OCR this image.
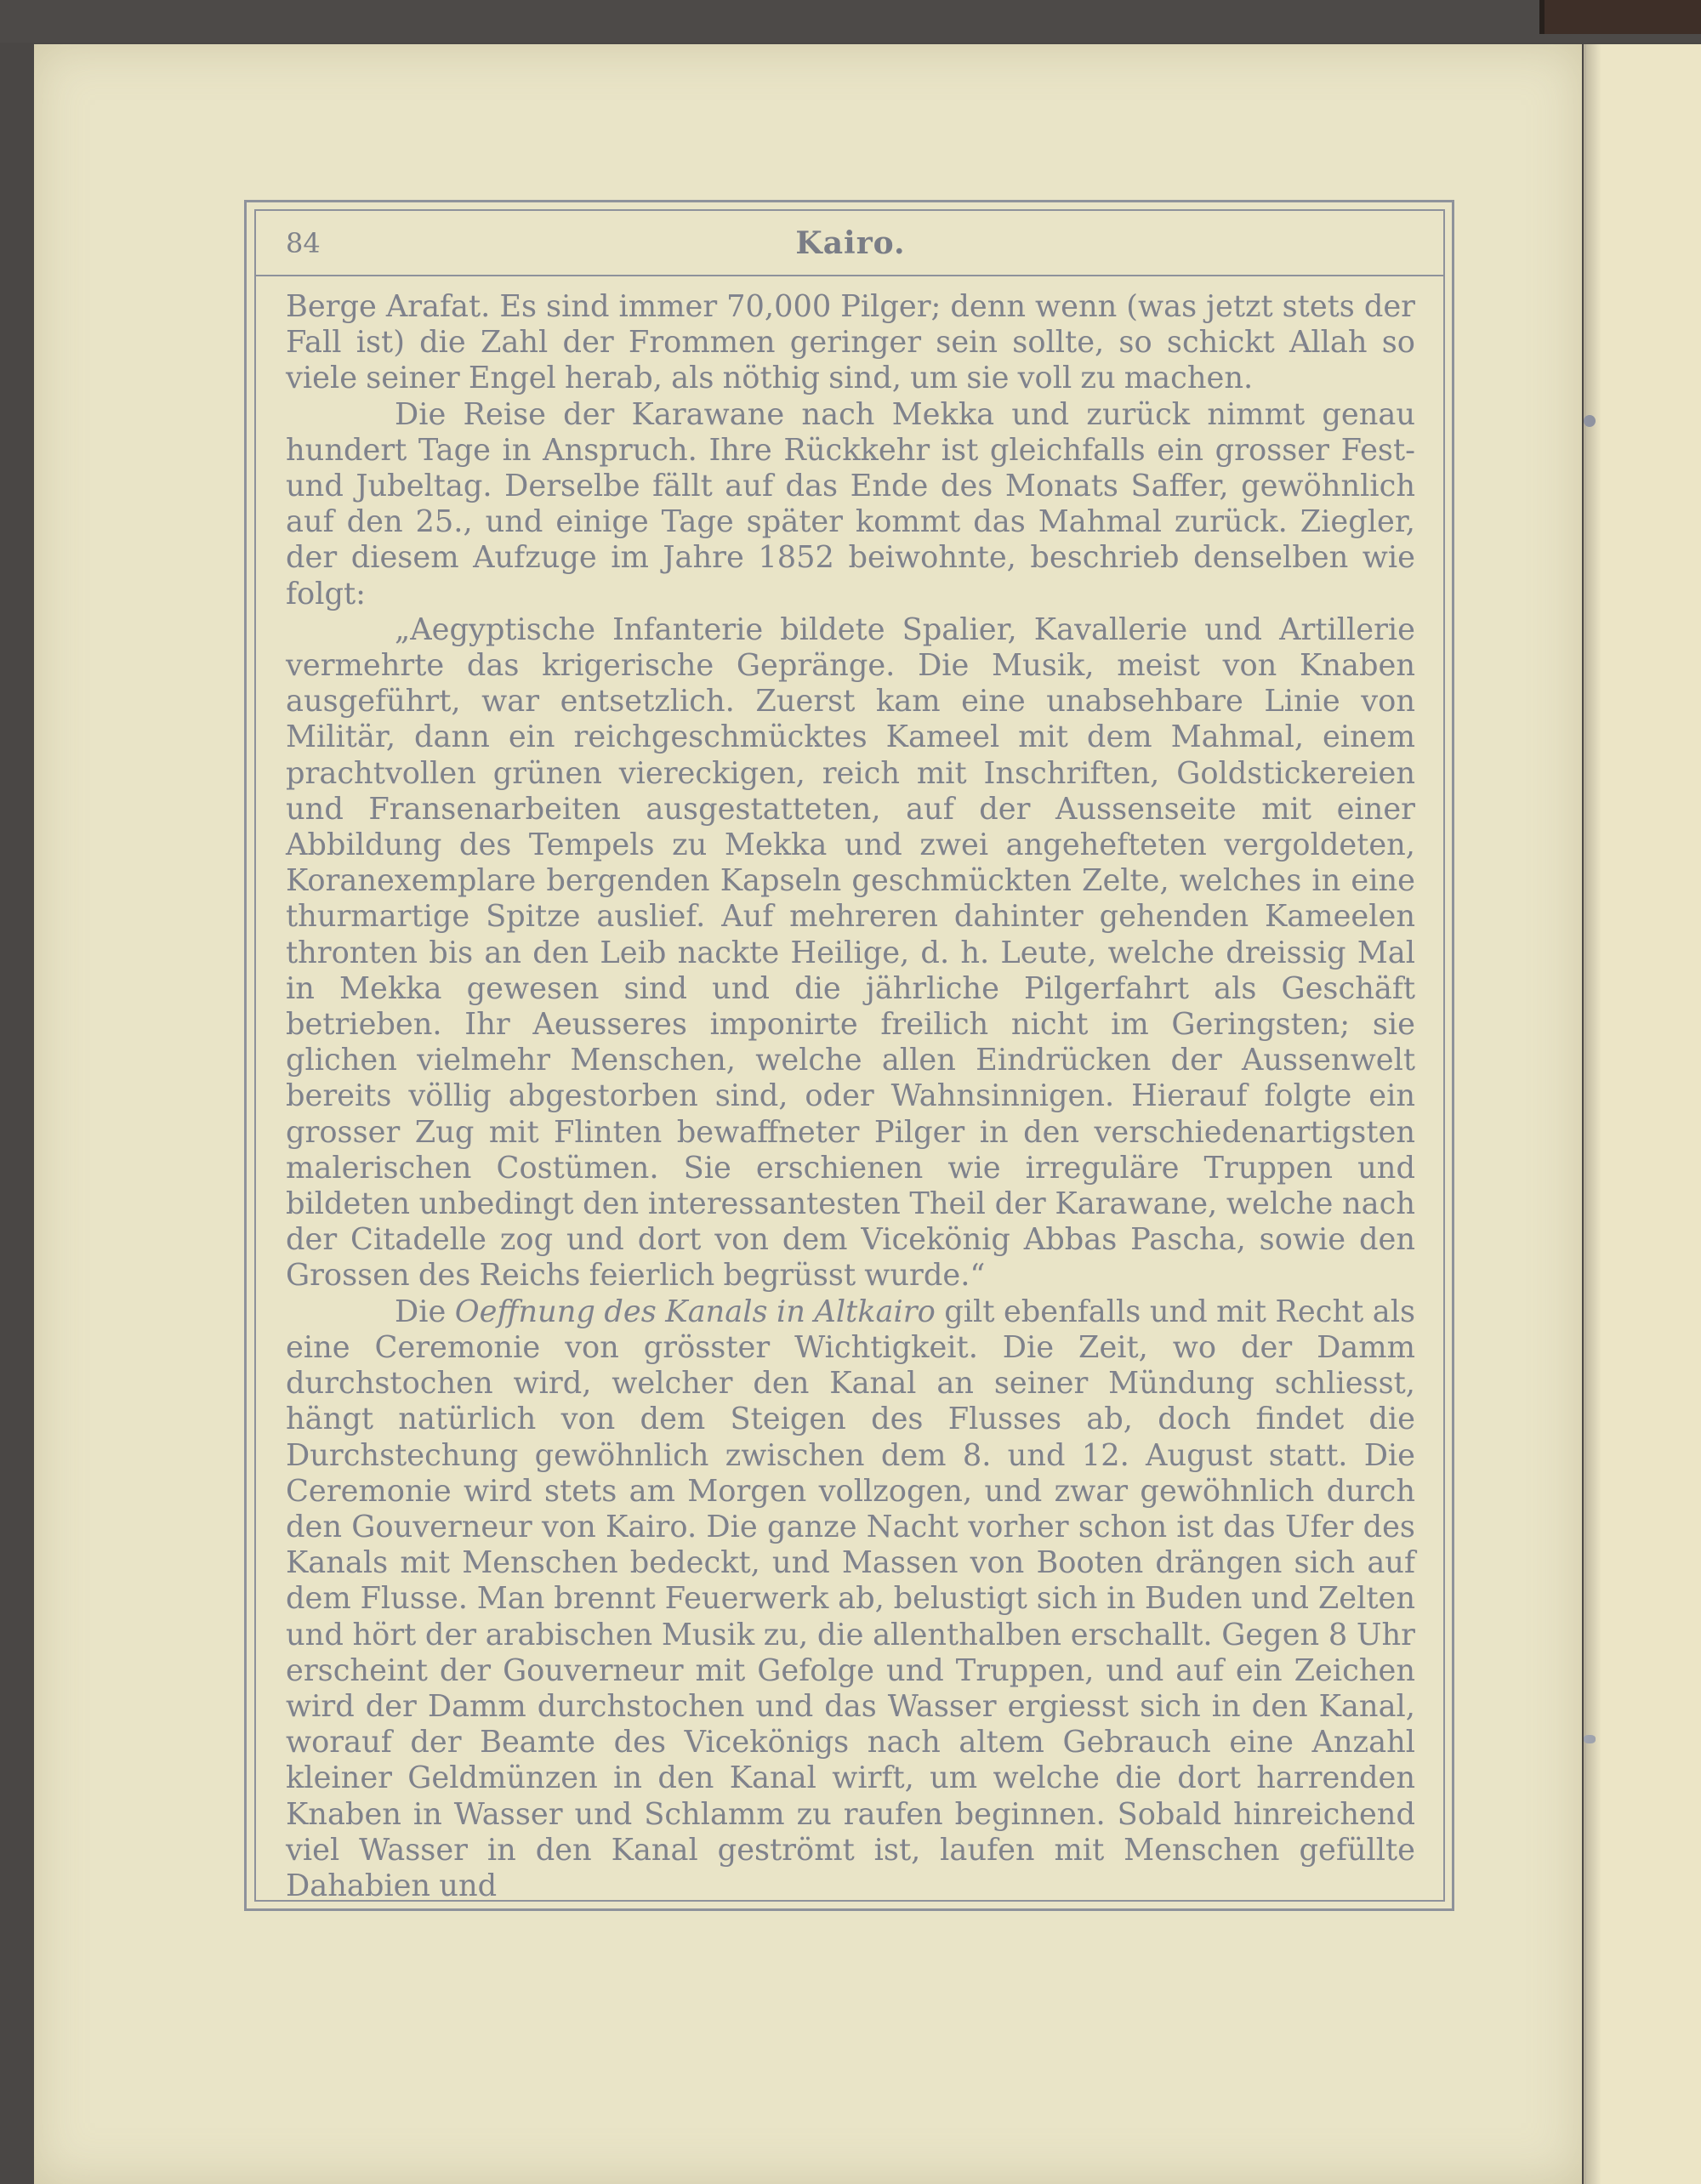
84	Kairo.

Berge Arafat. Es sind immer 70,000 Pilger; denn wenn (was jetzt stets der Fall ist) die Zahl der Frommen geringer sein sollte, so schickt Allah so viele seiner Engel herab, als nöthig sind, um sie voll zu machen.

Die Reise der Karawane nach Mekka und zurück nimmt genau hundert Tage in Anspruch. Ihre Rückkehr ist gleichfalls ein grosser Fest- und Jubeltag. Derselbe fällt auf das Ende des Monats Saffer, gewöhnlich auf den 25., und einige Tage später kommt das Mahmal zurück. Ziegler, der diesem Aufzuge im Jahre 1852 beiwohnte, beschrieb denselben wie folgt:

„Aegyptische Infanterie bildete Spalier, Kavallerie und Artillerie vermehrte das krigerische Gepränge. Die Musik, meist von Knaben ausgeführt, war entsetzlich. Zuerst kam eine unabsehbare Linie von Militär, dann ein reichgeschmücktes Kameel mit dem Mahmal, einem prachtvollen grünen viereckigen, reich mit Inschriften, Goldstickereien und Fransenarbeiten ausgestatteten, auf der Aussenseite mit einer Abbildung des Tempels zu Mekka und zwei angehefteten vergoldeten, Koranexemplare bergenden Kapseln geschmückten Zelte, welches in eine thurmartige Spitze auslief. Auf mehreren dahinter gehenden Kameelen thronten bis an den Leib nackte Heilige, d. h. Leute, welche dreissig Mal in Mekka gewesen sind und die jährliche Pilgerfahrt als Geschäft betrieben. Ihr Aeusseres imponirte freilich nicht im Geringsten; sie glichen vielmehr Menschen, welche allen Eindrücken der Aussenwelt bereits völlig abgestorben sind, oder Wahnsinnigen. Hierauf folgte ein grosser Zug mit Flinten bewaffneter Pilger in den verschiedenartigsten malerischen Costümen. Sie erschienen wie irreguläre Truppen und bildeten unbedingt den interessantesten Theil der Karawane, welche nach der Citadelle zog und dort von dem Vicekönig Abbas Pascha, sowie den Grossen des Reichs feierlich begrüsst wurde.“

Die Oeffnung des Kanals in Altkairo gilt ebenfalls und mit Recht als eine Ceremonie von grösster Wichtigkeit. Die Zeit, wo der Damm durchstochen wird, welcher den Kanal an seiner Mündung schliesst, hängt natürlich von dem Steigen des Flusses ab, doch findet die Durchstechung gewöhnlich zwischen dem 8. und 12. August statt. Die Ceremonie wird stets am Morgen vollzogen, und zwar gewöhnlich durch den Gouverneur von Kairo. Die ganze Nacht vorher schon ist das Ufer des Kanals mit Menschen bedeckt, und Massen von Booten drängen sich auf dem Flusse. Man brennt Feuerwerk ab, belustigt sich in Buden und Zelten und hört der arabischen Musik zu, die allenthalben erschallt. Gegen 8 Uhr erscheint der Gouverneur mit Gefolge und Truppen, und auf ein Zeichen wird der Damm durchstochen und das Wasser ergiesst sich in den Kanal, worauf der Beamte des Vicekönigs nach altem Gebrauch eine Anzahl kleiner Geldmünzen in den Kanal wirft, um welche die dort harrenden Knaben in Wasser und Schlamm zu raufen beginnen. Sobald hinreichend viel Wasser in den Kanal geströmt ist, laufen mit Menschen gefüllte Dahabien und
